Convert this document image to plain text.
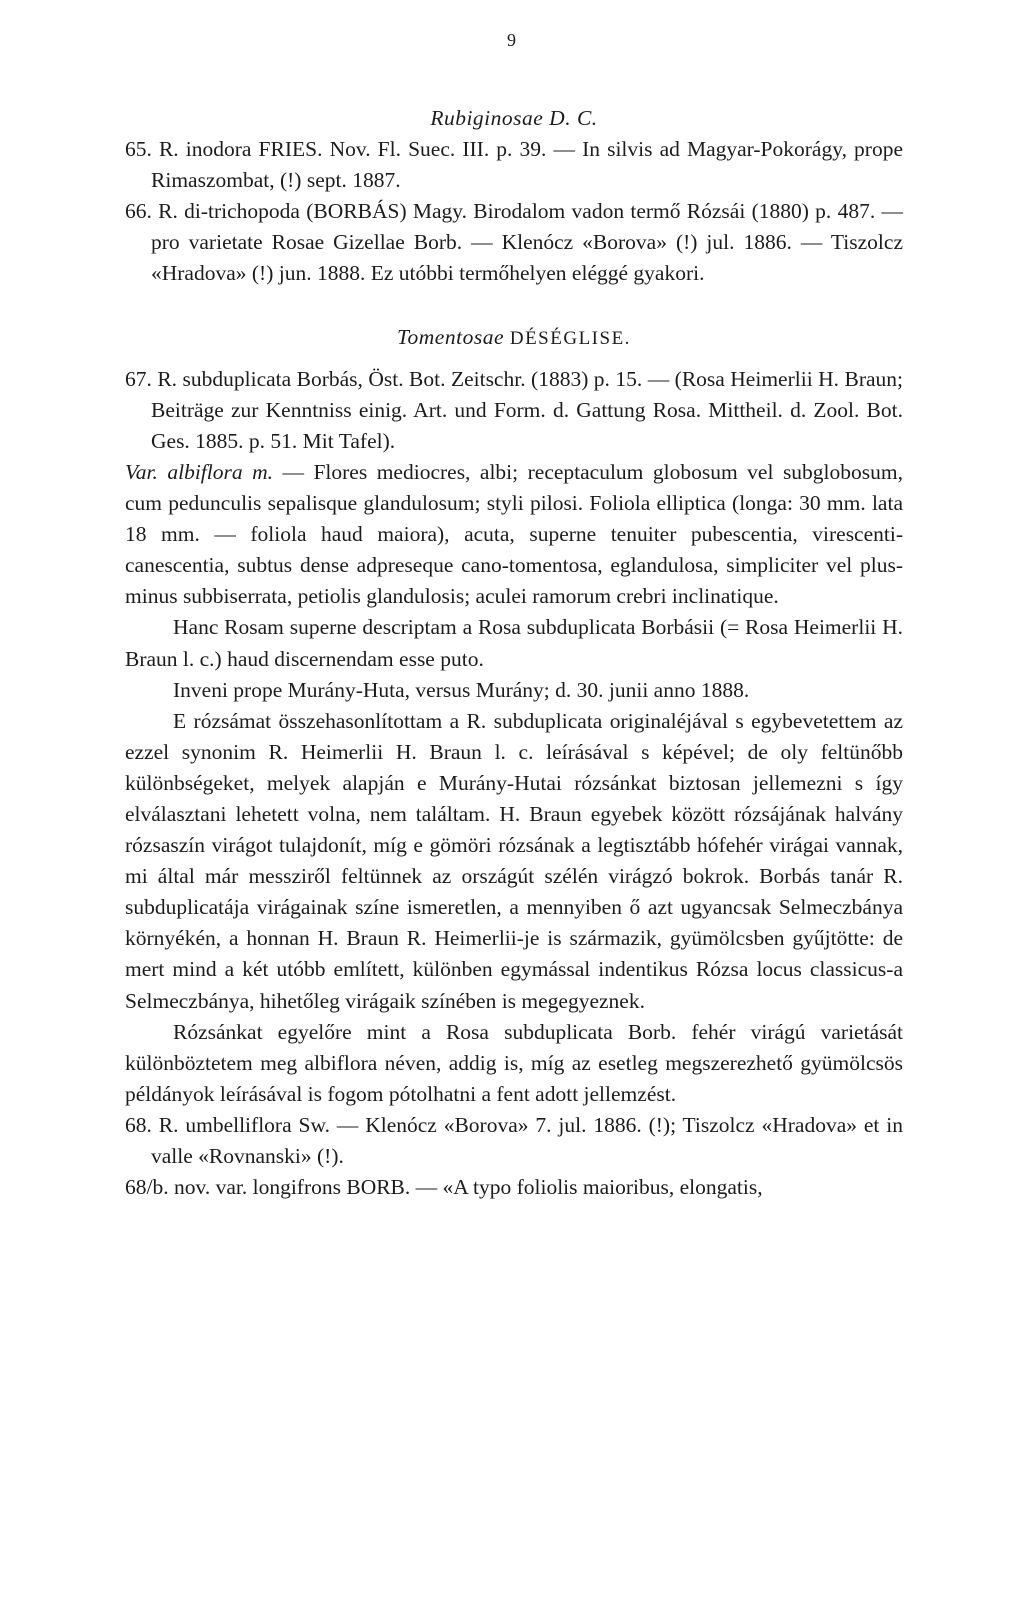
9

Rubiginosae D. C.

65. R. inodora FRIES. Nov. Fl. Suec. III. p. 39. — In silvis ad Magyar-Pokorágy, prope Rimaszombat, (!) sept. 1887.

66. R. di-trichopoda (BORBÁS) Magy. Birodalom vadon termő Rózsái (1880) p. 487. — pro varietate Rosae Gizellae Borb. — Klenócz «Borova» (!) jul. 1886. — Tiszolcz «Hradova» (!) jun. 1888. Ez utóbbi termőhelyen eléggé gyakori.

Tomentosae DÉSÉGLISE.

67. R. subduplicata Borbás, Öst. Bot. Zeitschr. (1883) p. 15. — (Rosa Heimerlii H. Braun; Beiträge zur Kenntniss einig. Art. und Form. d. Gattung Rosa. Mittheil. d. Zool. Bot. Ges. 1885. p. 51. Mit Tafel).

Var. albiflora m. — Flores mediocres, albi; receptaculum globosum vel subglobosum, cum pedunculis sepalisque glandulosum; styli pilosi. Foliola elliptica (longa: 30 mm. lata 18 mm. — foliola haud maiora), acuta, superne tenuiter pubescentia, virescenti-canescentia, subtus dense adpreseque cano-tomentosa, eglandulosa, simpliciter vel plus-minus subbiserrata, petiolis glandulosis; aculei ramorum crebri inclinatique.

Hanc Rosam superne descriptam a Rosa subduplicata Borbásii (= Rosa Heimerlii H. Braun l. c.) haud discernendam esse puto.

Inveni prope Murány-Huta, versus Murány; d. 30. junii anno 1888.

E rózsámat összehasonlítottam a R. subduplicata originaléjával s egybevetettem az ezzel synonim R. Heimerlii H. Braun l. c. leírásával s képével; de oly feltünőbb különbségeket, melyek alapján e Murány-Hutai rózsánkat biztosan jellemezni s így elválasztani lehetett volna, nem találtam. H. Braun egyebek között rózsájának halvány rózsaszín virágot tulajdonít, míg e gömöri rózsának a legtisztább hófehér virágai vannak, mi által már messziről feltünnek az országút szélén virágzó bokrok. Borbás tanár R. subduplicatája virágainak színe ismeretlen, a mennyiben ő azt ugyancsak Selmeczbánya környékén, a honnan H. Braun R. Heimerlii-je is származik, gyümölcsben gyűjtötte: de mert mind a két utóbb említett, különben egymással indentikus Rózsa locus classicus-a Selmeczbánya, hihetőleg virágaik színében is megegyeznek.

Rózsánkat egyelőre mint a Rosa subduplicata Borb. fehér virágú varietását különböztetem meg albiflora néven, addig is, míg az esetleg megszerezhető gyümölcsös példányok leírásával is fogom pótolhatni a fent adott jellemzést.

68. R. umbelliflora Sw. — Klenócz «Borova» 7. jul. 1886. (!); Tiszolcz «Hradova» et in valle «Rovnanski» (!).

68/b. nov. var. longifrons BORB. — «A typo foliolis maioribus, elongatis,
